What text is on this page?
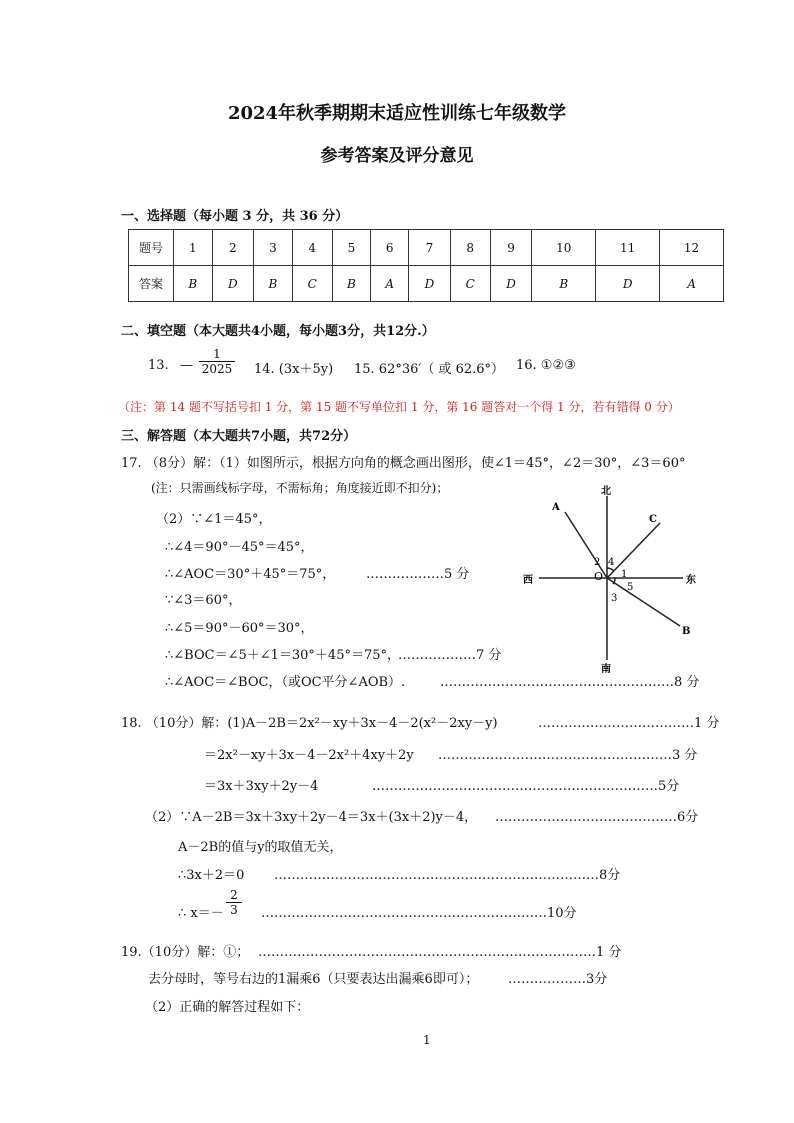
2024年秋季期期末适应性训练七年级数学
参考答案及评分意见
一、选择题（每小题 3 分，共 36 分）
题号	1	2	3	4	5	6	7	8	9	10	11	12
答案	B	D	B	C	B	A	D	C	D	B	D	A
二、填空题（本大题共4小题，每小题3分，共12分.）
13. — $\frac{1}{2025} 14$. (3x＋5y) 15. 62°36′（ 或 62.6°） 16. ①②③
（注：第 14 题不写括号扣 1 分，第 15 题不写单位扣 1 分，第 16 题答对一个得 1 分，若有错得 0 分）
三、解答题（本大题共7小题，共72分）
17. （8分）解：（1）如图所示，根据方向角的概念画出图形，使∠1＝45°，∠2＝30°，∠3＝60°
(注：只需画线标字母，不需标角；角度接近即不扣分)；
（2）∵∠1＝45°，
∴∠4＝90°－45°＝45°，
∴∠AOC＝30°＋45°＝75°， ………………5 分
∵∠3＝60°，
∴∠5＝90°－60°＝30°，
∴∠BOC＝∠5＋∠1＝30°＋45°＝75°，
………………7 分
∴∠AOC＝∠BOC，（或OC平分∠AOB）.	………………………………………………8 分
北
南
西	东
A
C
B
O
2 4
1
5
3
18. （10分）解：(1)A－2B＝2x²－xy＋3x－4－2(x²－2xy－y)	………………………………1 分
＝2x²－xy＋3x－4－2x²＋4xy＋2y ………………………………………………3 分
＝3x＋3xy＋2y－4	…………………………………………………………5分
（2）∵A－2B＝3x＋3xy＋2y－4＝3x＋(3x＋2)y－4， ……………………………………6分
A－2B的值与y的取值无关，
∴3x＋2＝0 …………………………………………………………………8分
∴ $x=- \frac{2}{3}$ …………………………………………………………10分
19.（10分）解：①； ……………………………………………………………………1 分
去分母时，等号右边的1漏乘6（只要表达出漏乘6即可）； ………………3分
（2）正确的解答过程如下：
1
